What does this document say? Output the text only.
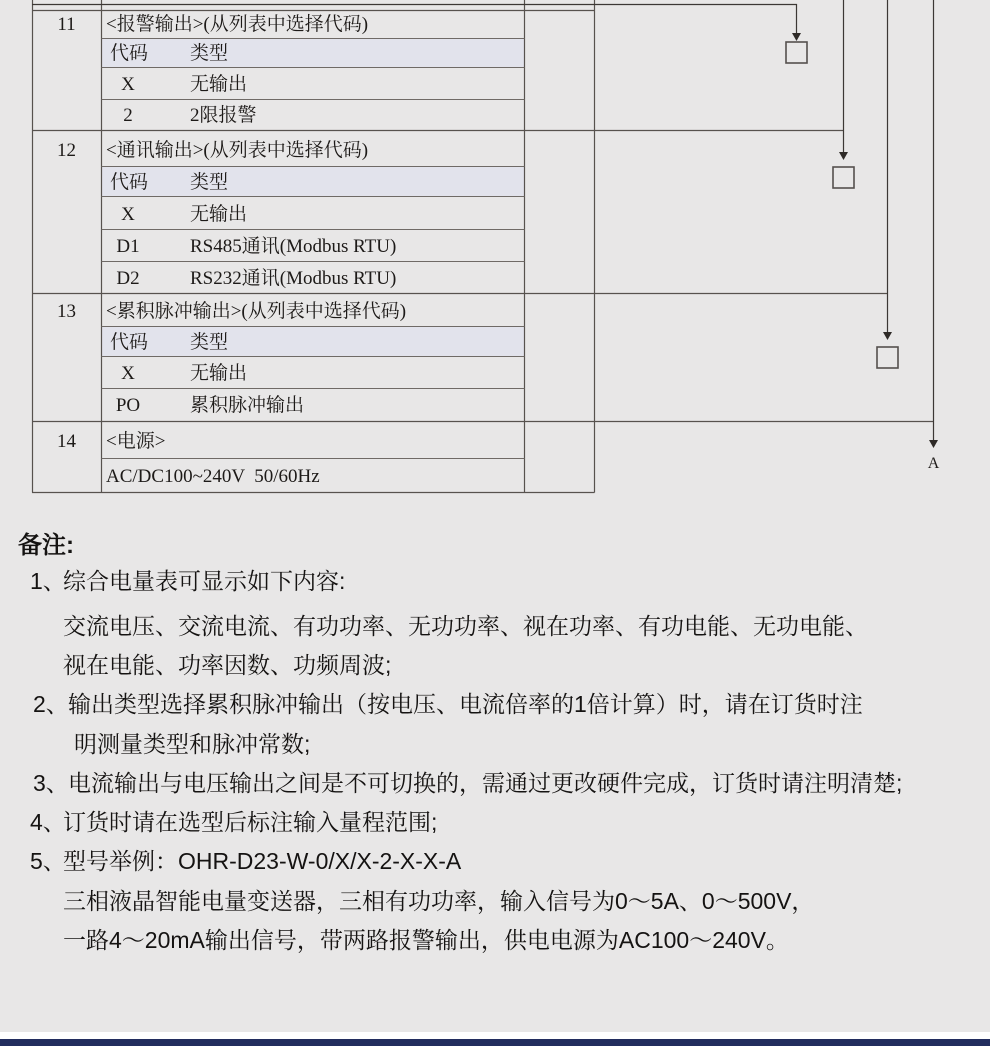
11	<报警输出>(从列表中选择代码)
代码 类型
X	无输出
2	2限报警
12	<通讯输出>(从列表中选择代码)
代码 类型
X	无输出
D1	RS485通讯(Modbus RTU)
D2	RS232通讯(Modbus RTU)
13	<累积脉冲输出>(从列表中选择代码)
代码 类型
X	无输出
PO	累积脉冲输出
14	<电源>
AC/DC100~240V  50/60Hz
A
备注:
1、
综合电量表可显示如下内容:
交流电压、交流电流、有功功率、无功功率、视在功率、有功电能、无功电能、
视在电能、功率因数、功频周波;
2、 输出类型选择累积脉冲输出（按电压、电流倍率的1倍计算）时，请在订货时注
明测量类型和脉冲常数;
3、 电流输出与电压输出之间是不可切换的，需通过更改硬件完成，订货时请注明清楚;
4、
订货时请在选型后标注输入量程范围;
5、
型号举例：OHR-D23-W-0/X/X-2-X-X-A
三相液晶智能电量变送器，三相有功功率，输入信号为0～5A、0～500V，
一路4～20mA输出信号，带两路报警输出，供电电源为AC100～240V。
